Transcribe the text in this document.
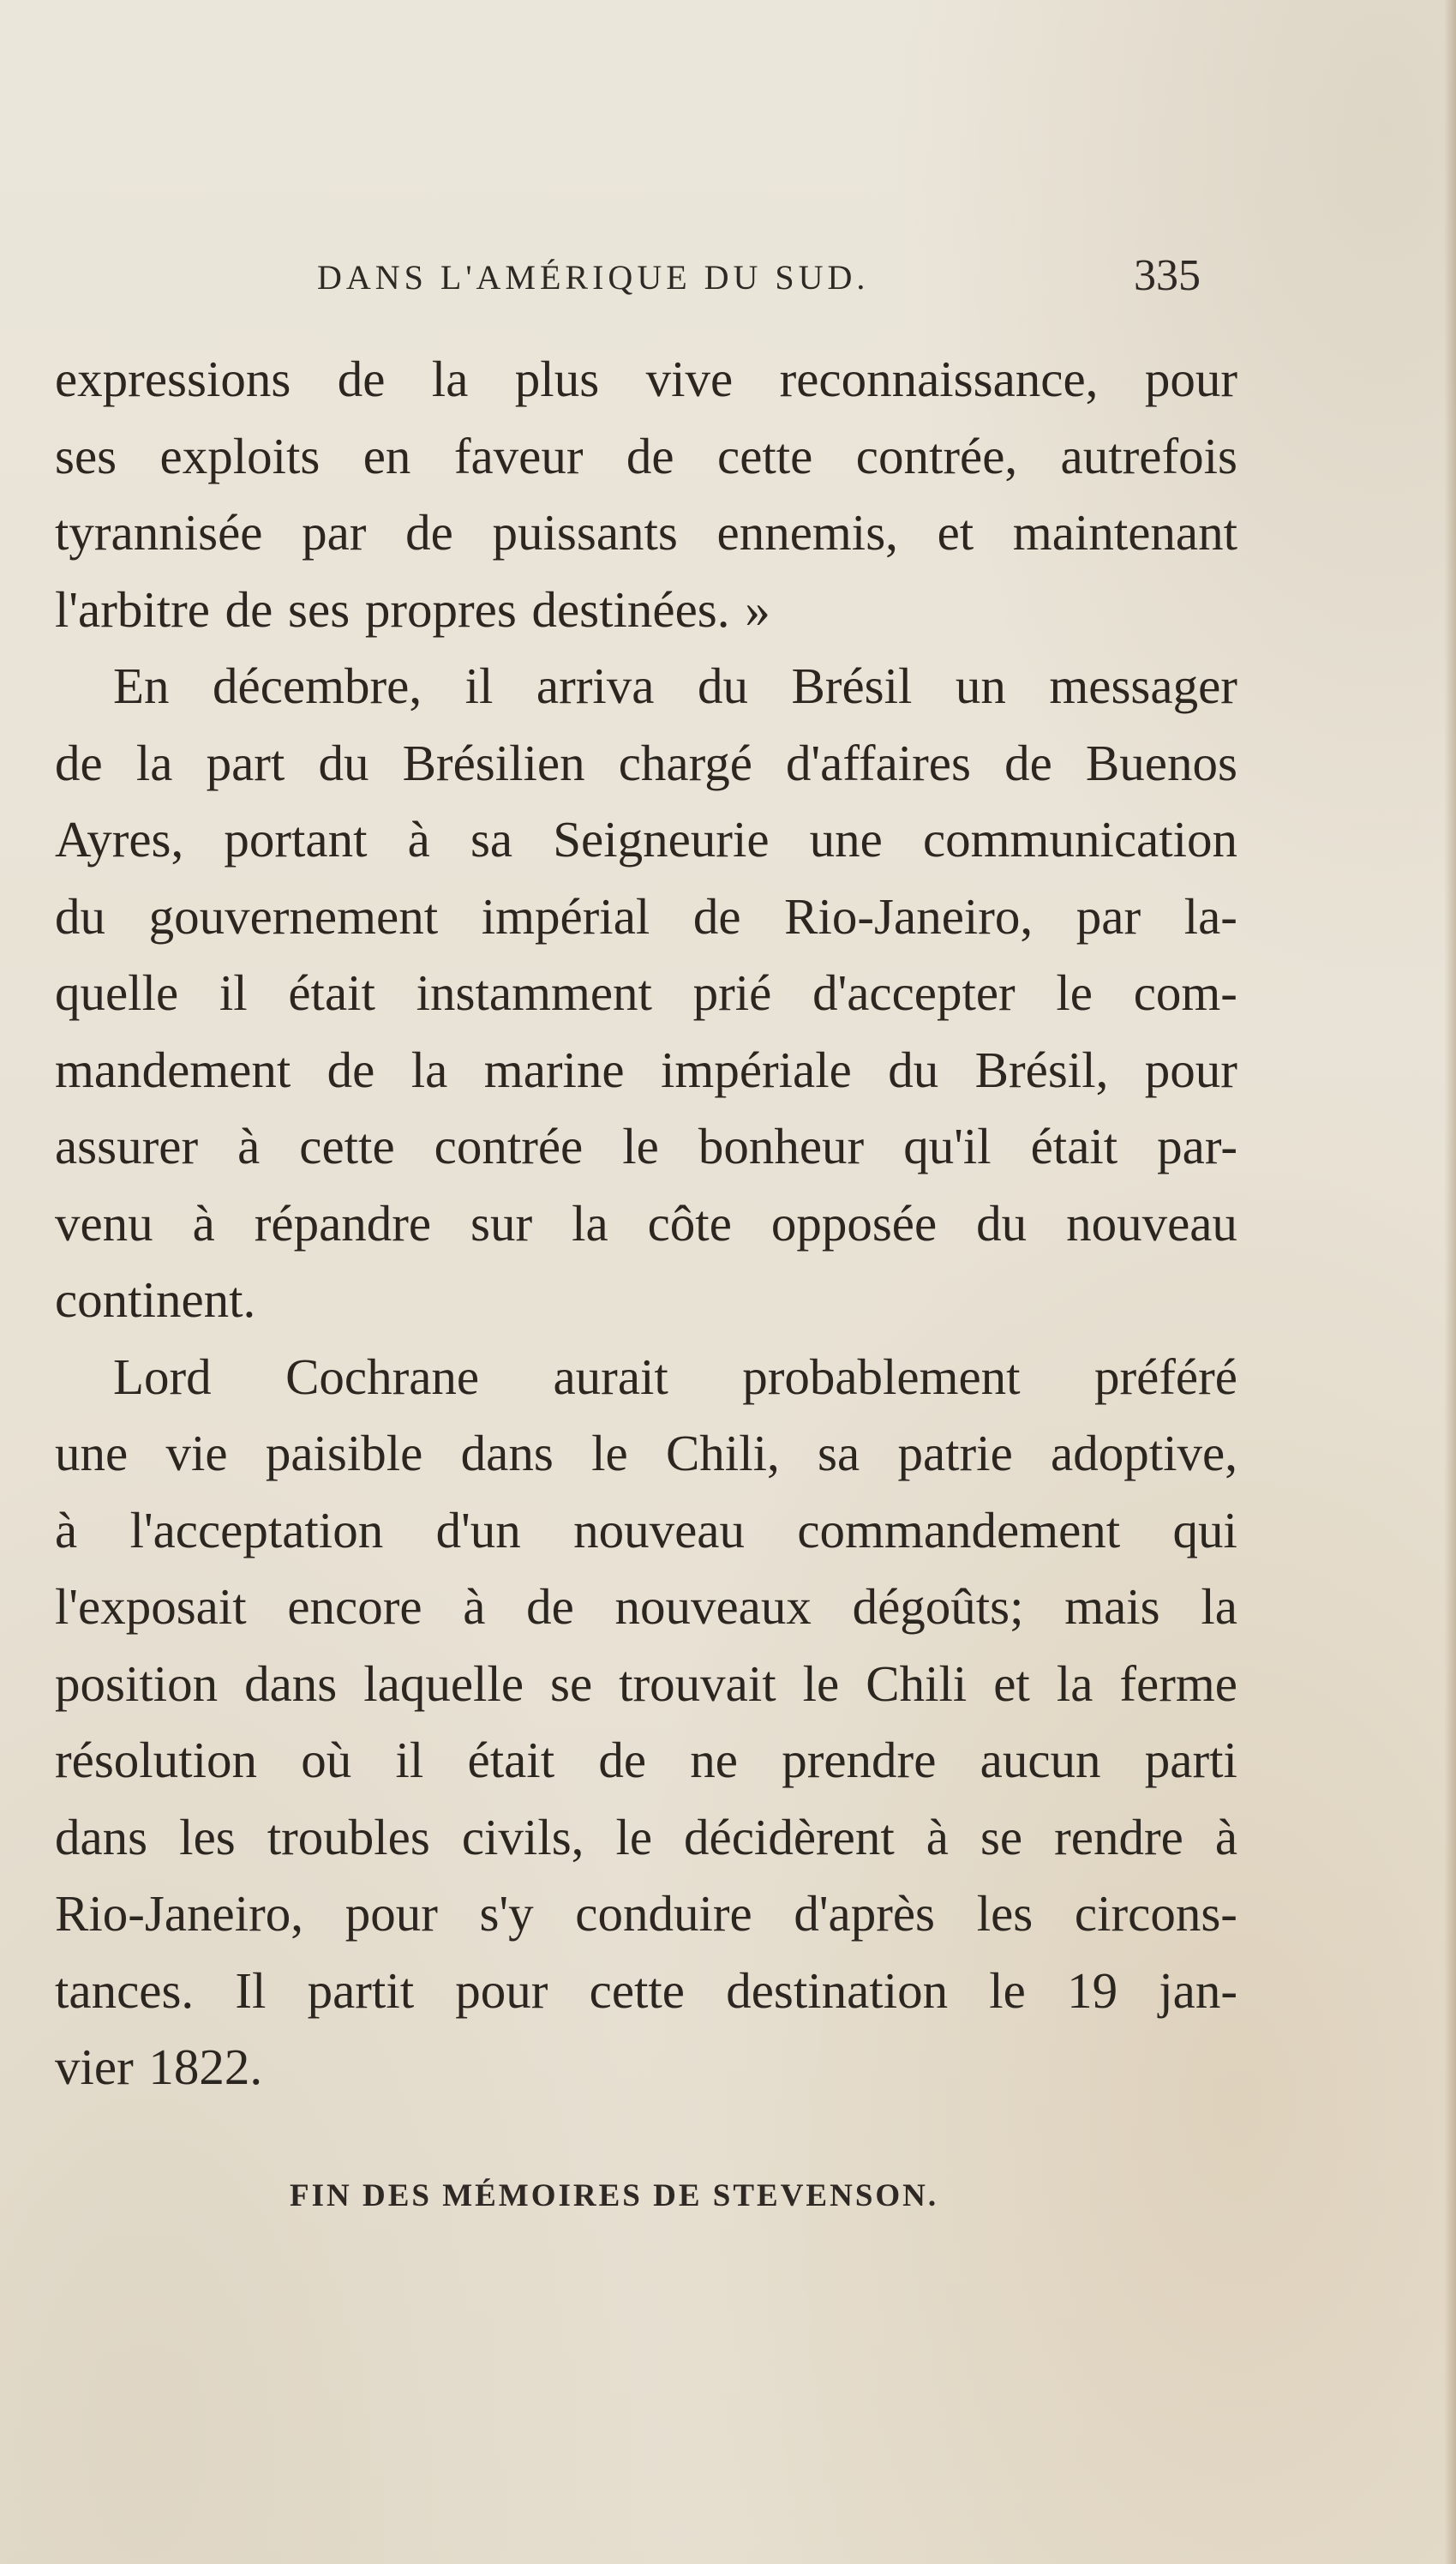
DANS L'AMÉRIQUE DU SUD.	335
expressions de la plus vive reconnaissance, pour
ses exploits en faveur de cette contrée, autrefois
tyrannisée par de puissants ennemis, et maintenant
l'arbitre de ses propres destinées. »
En décembre, il arriva du Brésil un messager
de la part du Brésilien chargé d'affaires de Buenos
Ayres, portant à sa Seigneurie une communication
du gouvernement impérial de Rio-Janeiro, par la-
quelle il était instamment prié d'accepter le com-
mandement de la marine impériale du Brésil, pour
assurer à cette contrée le bonheur qu'il était par-
venu à répandre sur la côte opposée du nouveau
continent.
Lord Cochrane aurait probablement préféré
une vie paisible dans le Chili, sa patrie adoptive,
à l'acceptation d'un nouveau commandement qui
l'exposait encore à de nouveaux dégoûts; mais la
position dans laquelle se trouvait le Chili et la ferme
résolution où il était de ne prendre aucun parti
dans les troubles civils, le décidèrent à se rendre à
Rio-Janeiro, pour s'y conduire d'après les circons-
tances. Il partit pour cette destination le 19 jan-
vier 1822.
FIN DES MÉMOIRES DE STEVENSON.
